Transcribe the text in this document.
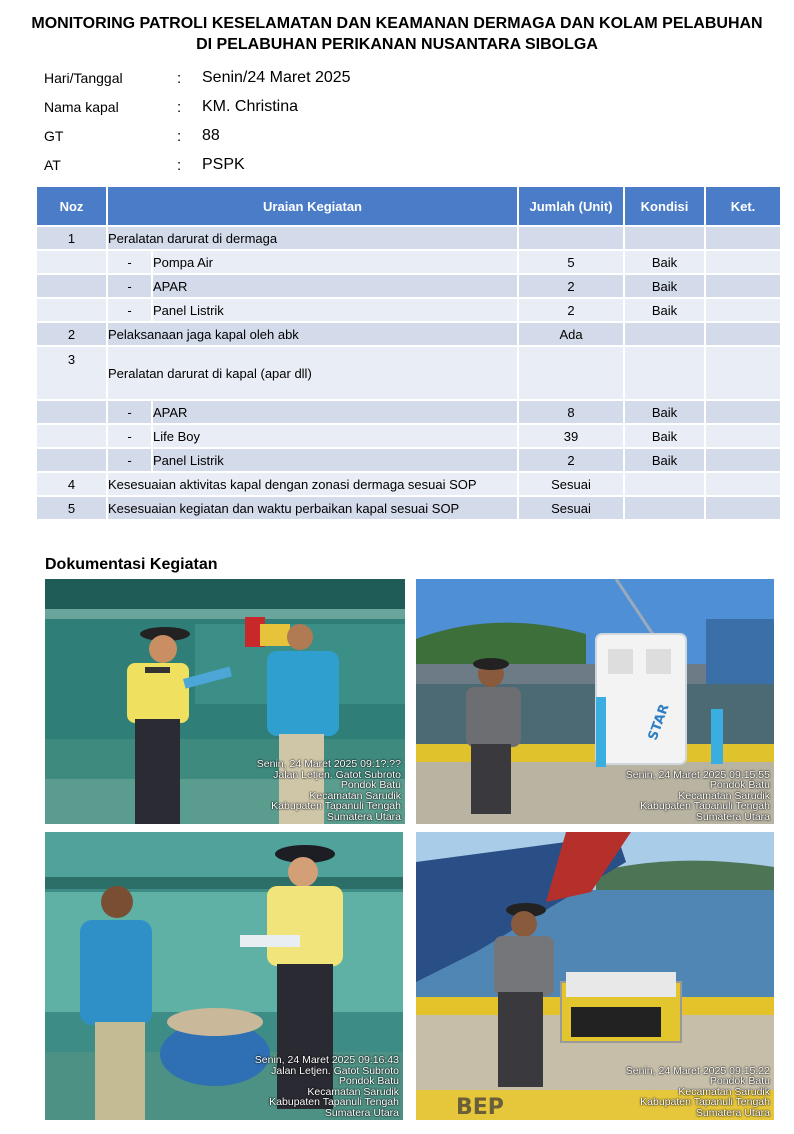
MONITORING PATROLI KESELAMATAN DAN KEAMANAN DERMAGA DAN KOLAM PELABUHAN
DI PELABUHAN PERIKANAN NUSANTARA SIBOLGA
Hari/Tanggal	:	Senin/24 Maret 2025
Nama kapal	:	KM. Christina
GT	:	88
AT	:	PSPK
Noz	Uraian Kegiatan		Jumlah (Unit)	Kondisi	Ket.
1	Peralatan darurat di dermaga				
	-	Pompa Air	5	Baik	
	-	APAR	2	Baik	
	-	Panel Listrik	2	Baik	
2	Pelaksanaan jaga kapal oleh abk		Ada		
3	Peralatan darurat di kapal (apar dll)				
	-	APAR	8	Baik	
	-	Life Boy	39	Baik	
	-	Panel Listrik	2	Baik	
4	Kesesuaian aktivitas kapal dengan zonasi dermaga sesuai SOP		Sesuai		
5	Kesesuaian kegiatan dan waktu perbaikan kapal sesuai SOP		Sesuai		
Dokumentasi Kegiatan
Senin, 24 Maret 2025 09:1?:??
Jalan Letjen. Gatot Subroto
Pondok Batu
Kecamatan Sarudik
Kabupaten Tapanuli Tengah
Sumatera Utara
STAR
Senin, 24 Maret 2025 09:15:55
Pondok Batu
Kecamatan Sarudik
Kabupaten Tapanuli Tengah
Sumatera Utara
Senin, 24 Maret 2025 09:16:43
Jalan Letjen. Gatot Subroto
Pondok Batu
Kecamatan Sarudik
Kabupaten Tapanuli Tengah
Sumatera Utara	BEP
Senin, 24 Maret 2025 09:15:22
Pondok Batu
Kecamatan Sarudik
Kabupaten Tapanuli Tengah
Sumatera Utara
